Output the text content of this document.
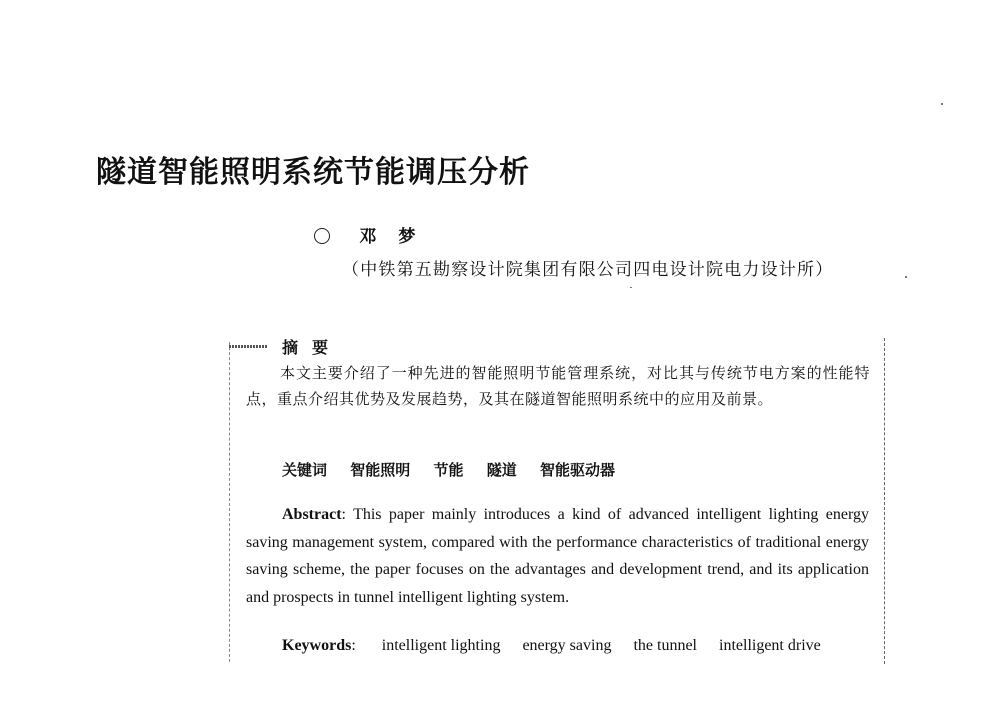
隧道智能照明系统节能调压分析
邓梦
（中铁第五勘察设计院集团有限公司四电设计院电力设计所）
摘要
本文主要介绍了一种先进的智能照明节能管理系统，对比其与传统节电方案的性能特点，重点介绍其优势及发展趋势，及其在隧道智能照明系统中的应用及前景。
关键词 智能照明 节能 隧道 智能驱动器
Abstract: This paper mainly introduces a kind of advanced intelligent lighting energy saving management system, compared with the performance characteristics of traditional energy saving scheme, the paper focuses on the advantages and development trend, and its application and prospects in tunnel intelligent lighting system.
Keywords: intelligent lighting energy saving the tunnel intelligent drive
